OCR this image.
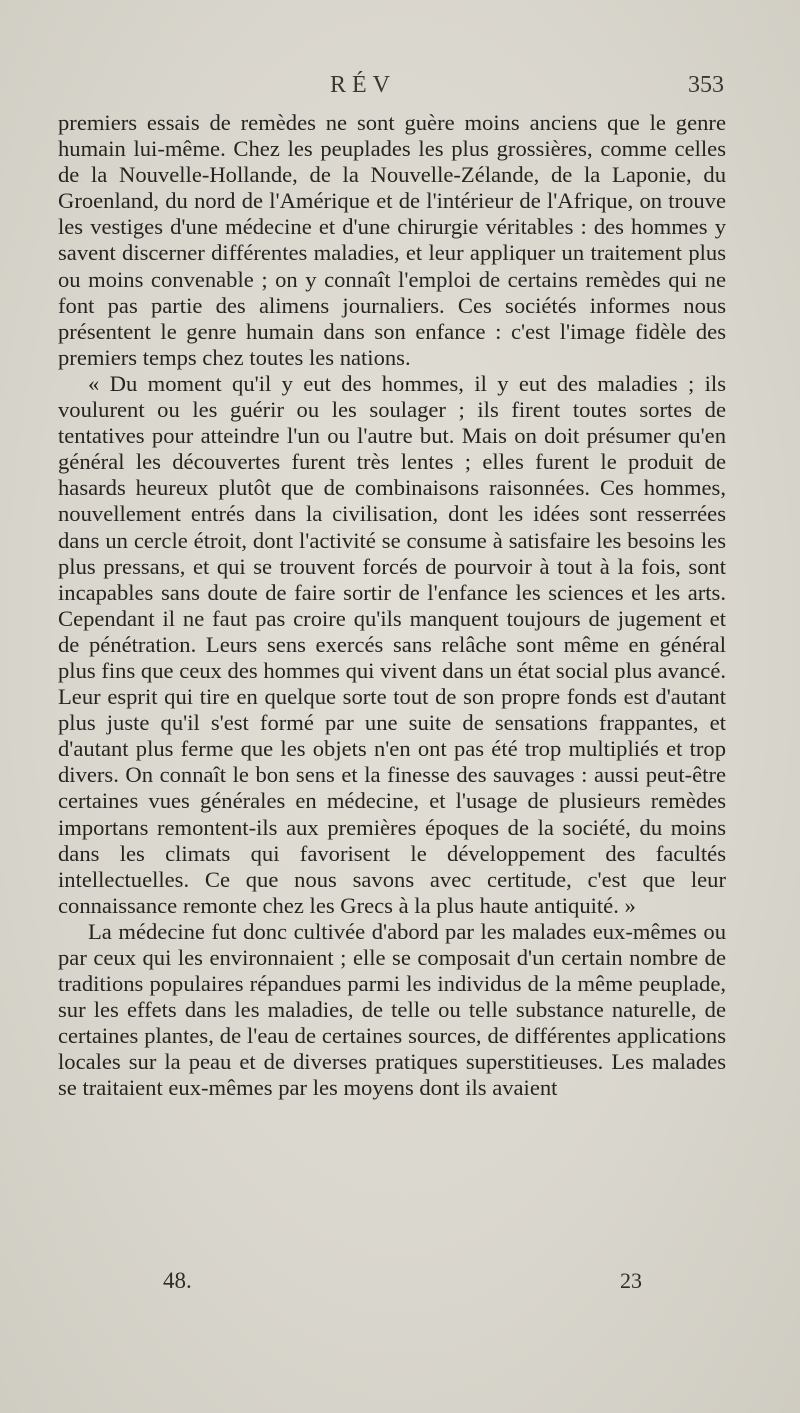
RÉV	353

premiers essais de remèdes ne sont guère moins anciens que le genre humain lui-même. Chez les peuplades les plus grossières, comme celles de la Nouvelle-Hollande, de la Nouvelle-Zélande, de la Laponie, du Groenland, du nord de l'Amérique et de l'intérieur de l'Afrique, on trouve les vestiges d'une médecine et d'une chirurgie véritables : des hommes y savent discerner différentes maladies, et leur appliquer un traitement plus ou moins convenable ; on y connaît l'emploi de certains remèdes qui ne font pas partie des alimens journaliers. Ces sociétés informes nous présentent le genre humain dans son enfance : c'est l'image fidèle des premiers temps chez toutes les nations.

« Du moment qu'il y eut des hommes, il y eut des maladies ; ils voulurent ou les guérir ou les soulager ; ils firent toutes sortes de tentatives pour atteindre l'un ou l'autre but. Mais on doit présumer qu'en général les découvertes furent très lentes ; elles furent le produit de hasards heureux plutôt que de combinaisons raisonnées. Ces hommes, nouvellement entrés dans la civilisation, dont les idées sont resserrées dans un cercle étroit, dont l'activité se consume à satisfaire les besoins les plus pressans, et qui se trouvent forcés de pourvoir à tout à la fois, sont incapables sans doute de faire sortir de l'enfance les sciences et les arts. Cependant il ne faut pas croire qu'ils manquent toujours de jugement et de pénétration. Leurs sens exercés sans relâche sont même en général plus fins que ceux des hommes qui vivent dans un état social plus avancé. Leur esprit qui tire en quelque sorte tout de son propre fonds est d'autant plus juste qu'il s'est formé par une suite de sensations frappantes, et d'autant plus ferme que les objets n'en ont pas été trop multipliés et trop divers. On connaît le bon sens et la finesse des sauvages : aussi peut-être certaines vues générales en médecine, et l'usage de plusieurs remèdes importans remontent-ils aux premières époques de la société, du moins dans les climats qui favorisent le développement des facultés intellectuelles. Ce que nous savons avec certitude, c'est que leur connaissance remonte chez les Grecs à la plus haute antiquité. »

La médecine fut donc cultivée d'abord par les malades eux-mêmes ou par ceux qui les environnaient ; elle se composait d'un certain nombre de traditions populaires répandues parmi les individus de la même peuplade, sur les effets dans les maladies, de telle ou telle substance naturelle, de certaines plantes, de l'eau de certaines sources, de différentes applications locales sur la peau et de diverses pratiques superstitieuses. Les malades se traitaient eux-mêmes par les moyens dont ils avaient

48.	23
